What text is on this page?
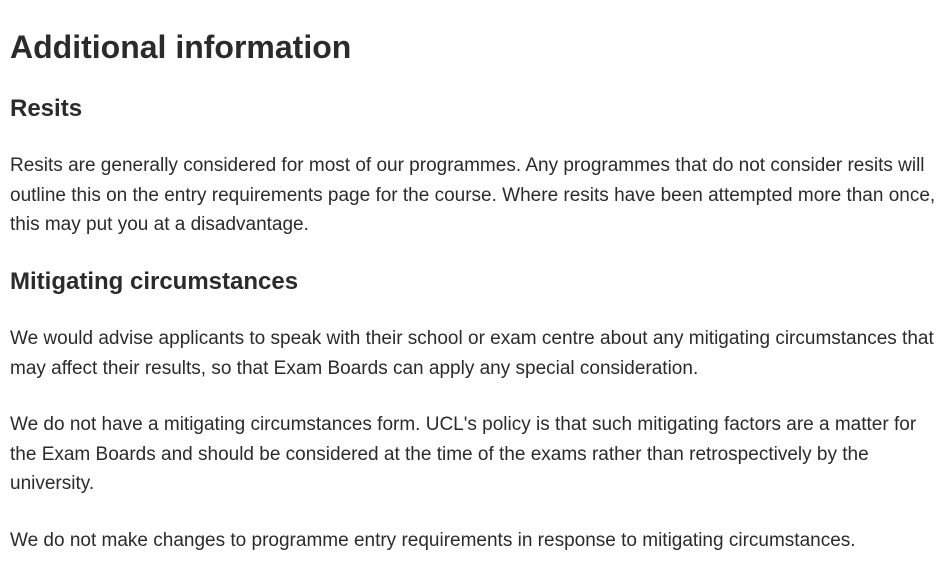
Additional information
Resits

Resits are generally considered for most of our programmes. Any programmes that do not consider resits will outline this on the entry requirements page for the course. Where resits have been attempted more than once, this may put you at a disadvantage.

Mitigating circumstances

We would advise applicants to speak with their school or exam centre about any mitigating circumstances that may affect their results, so that Exam Boards can apply any special consideration.

We do not have a mitigating circumstances form. UCL's policy is that such mitigating factors are a matter for the Exam Boards and should be considered at the time of the exams rather than retrospectively by the university.

We do not make changes to programme entry requirements in response to mitigating circumstances.
